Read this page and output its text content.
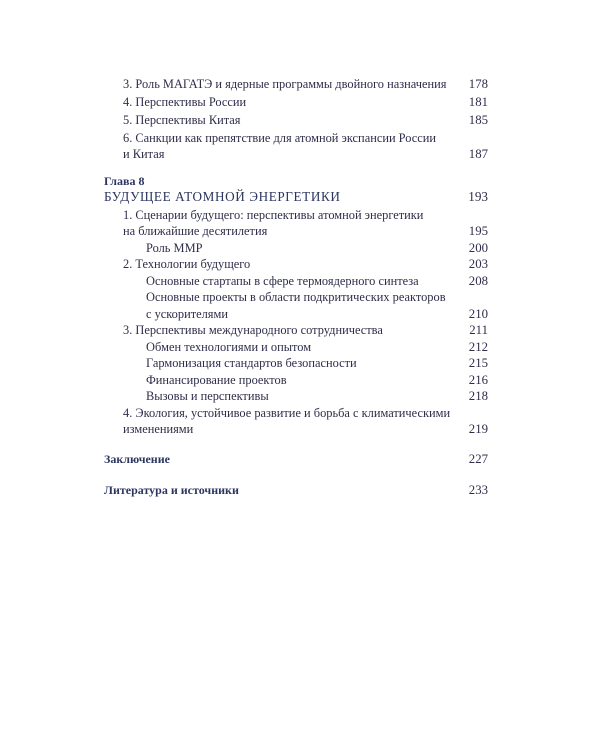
3. Роль МАГАТЭ и ядерные программы двойного назначения 178
4. Перспективы России	181
5. Перспективы Китая	185
6. Санкции как препятствие для атомной экспансии России
и Китая	187
Глава 8
БУДУЩЕЕ АТОМНОЙ ЭНЕРГЕТИКИ	193
1. Сценарии будущего: перспективы атомной энергетики
на ближайшие десятилетия	195
Роль ММР	200
2. Технологии будущего	203
Основные стартапы в сфере термоядерного синтеза	208
Основные проекты в области подкритических реакторов
с ускорителями	210
3. Перспективы международного сотрудничества	211
Обмен технологиями и опытом	212
Гармонизация стандартов безопасности	215
Финансирование проектов	216
Вызовы и перспективы	218
4. Экология, устойчивое развитие и борьба с климатическими
изменениями	219
Заключение	227
Литература и источники	233
